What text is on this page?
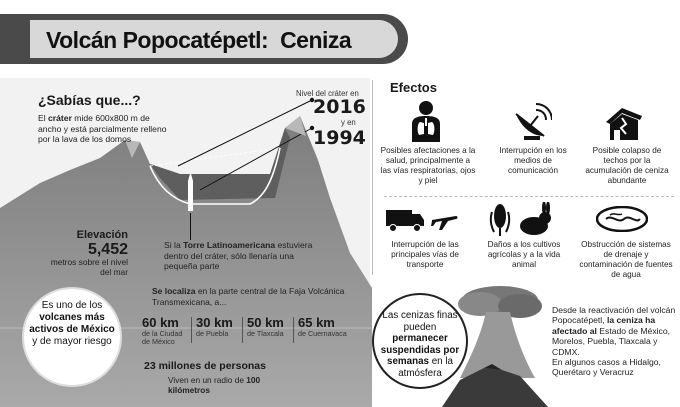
Volcán Popocatépetl: Ceniza
¿Sabías que...?
El cráter mide 600x800 m de ancho y está parcialmente relleno por la lava de los domos
Nivel del cráter en
2016
y en
1994
Elevación
5,452
metros sobre el nivel del mar
Si la Torre Latinoamericana estuviera dentro del cráter, sólo llenaría una pequeña parte
Es uno de los volcanes más activos de México y de mayor riesgo
Se localiza en la parte central de la Faja Volcánica Transmexicana, a...
60 km
de la Ciudad de México
30 km
de Puebla
50 km
de Tlaxcala
65 km
de Cuernavaca
23 millones de personas
Viven en un radio de 100 kilómetros
Efectos
Posibles afectaciones a la salud, principalmente a las vías respiratorias, ojos y piel
Interrupción en los medios de comunicación
Posible colapso de techos por la acumulación de ceniza abundante
Interrupción de las principales vías de transporte
Daños a los cultivos agrícolas y a la vida animal
Obstrucción de sistemas de drenaje y contaminación de fuentes de agua
Las cenizas finas pueden permanecer suspendidas por semanas en la atmósfera
Desde la reactivación del volcán Popocatépetl, la ceniza ha afectado al Estado de México, Morelos, Puebla, Tlaxcala y CDMX.
En algunos casos a Hidalgo, Querétaro y Veracruz
